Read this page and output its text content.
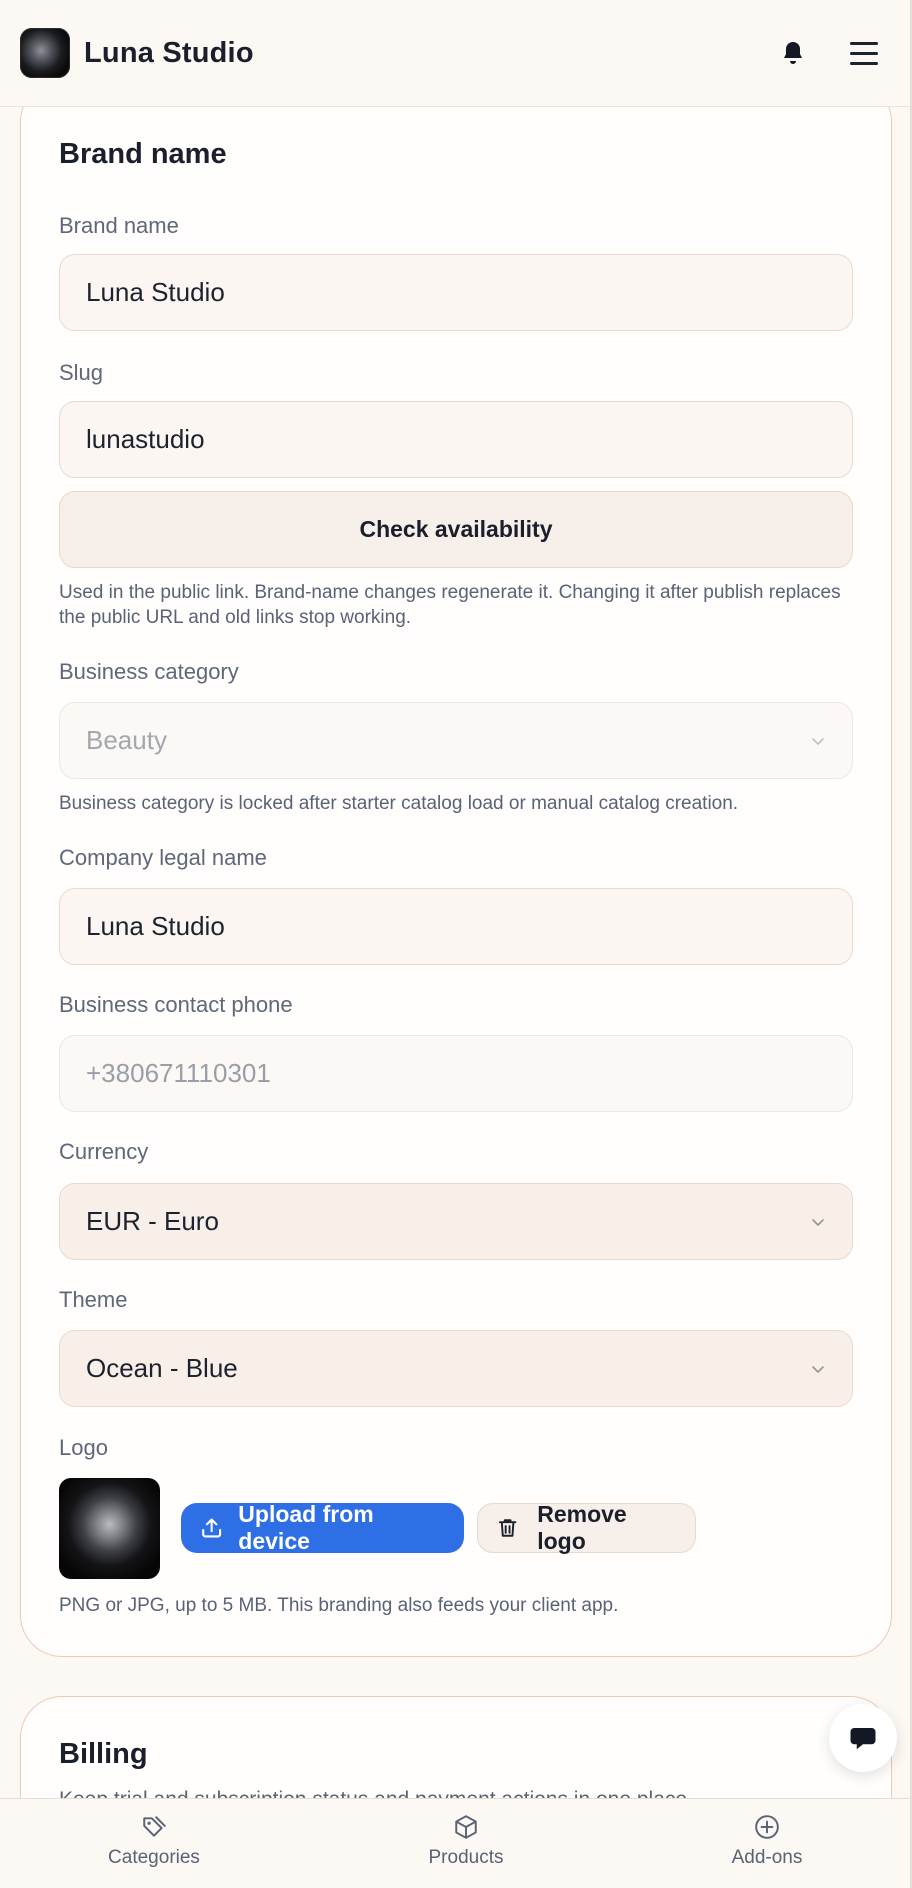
Brand name
Brand name
Luna Studio
Slug
lunastudio
Check availability
Used in the public link. Brand-name changes regenerate it. Changing it after publish replaces the public URL and old links stop working.
Business category
Beauty
Business category is locked after starter catalog load or manual catalog creation.
Company legal name
Luna Studio
Business contact phone
+380671110301
Currency
EUR - Euro
Theme
Ocean - Blue
Logo
Upload from device
Remove logo
PNG or JPG, up to 5 MB. This branding also feeds your client app.
Billing
Luna Studio
Categories	Products	Add-ons
